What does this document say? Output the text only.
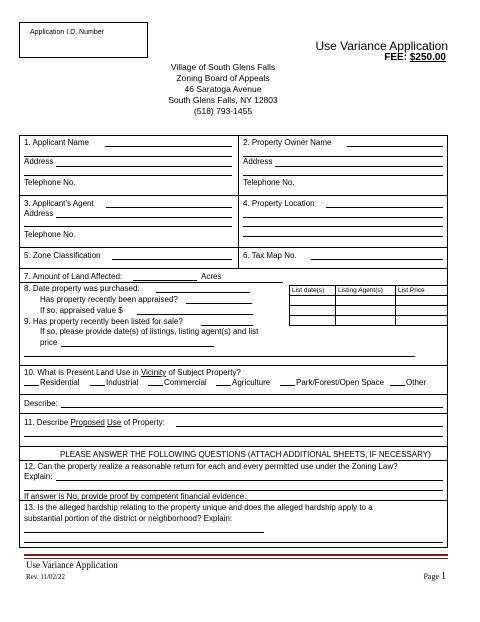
Application I.D. Number
Use Variance Application
FEE: $250.00
Village of South Glens Falls
Zoning Board of Appeals
46 Saratoga Avenue
South Glens Falls, NY 12803
(518) 793-1455
1. Applicant Name
Address
Telephone No.
2. Property Owner Name
Address
Telephone No.
3. Applicant’s Agent
Address
Telephone No.
4. Property Location
5. Zone Classification	6. Tax Map No.
7. Amount of Land Affected:	Acres
8. Date property was purchased:
Has property recently been appraised?
If so, appraised value $
9. Has property recently been listed for sale?
If so, please provide date(s) of listings, listing agent(s) and list
price
List date(s)	Listing Agent(s)	List Price

10. What is Present Land Use in Vicinity of Subject Property?
Residential	Industrial	Commercial	Agriculture	Park/Forest/Open Space	Other
Describe:
11. Describe Proposed Use of Property:
PLEASE ANSWER THE FOLLOWING QUESTIONS (ATTACH ADDITIONAL SHEETS, IF NECESSARY)
12. Can the property realize a reasonable return for each and every permitted use under the Zoning Law?
Explain:
If answer is No, provide proof by competent financial evidence.
13. Is the alleged hardship relating to the property unique and does the alleged hardship apply to a
substantial portion of the district or neighborhood? Explain:
Use Variance Application
Rev. 11/02/22	Page 1
